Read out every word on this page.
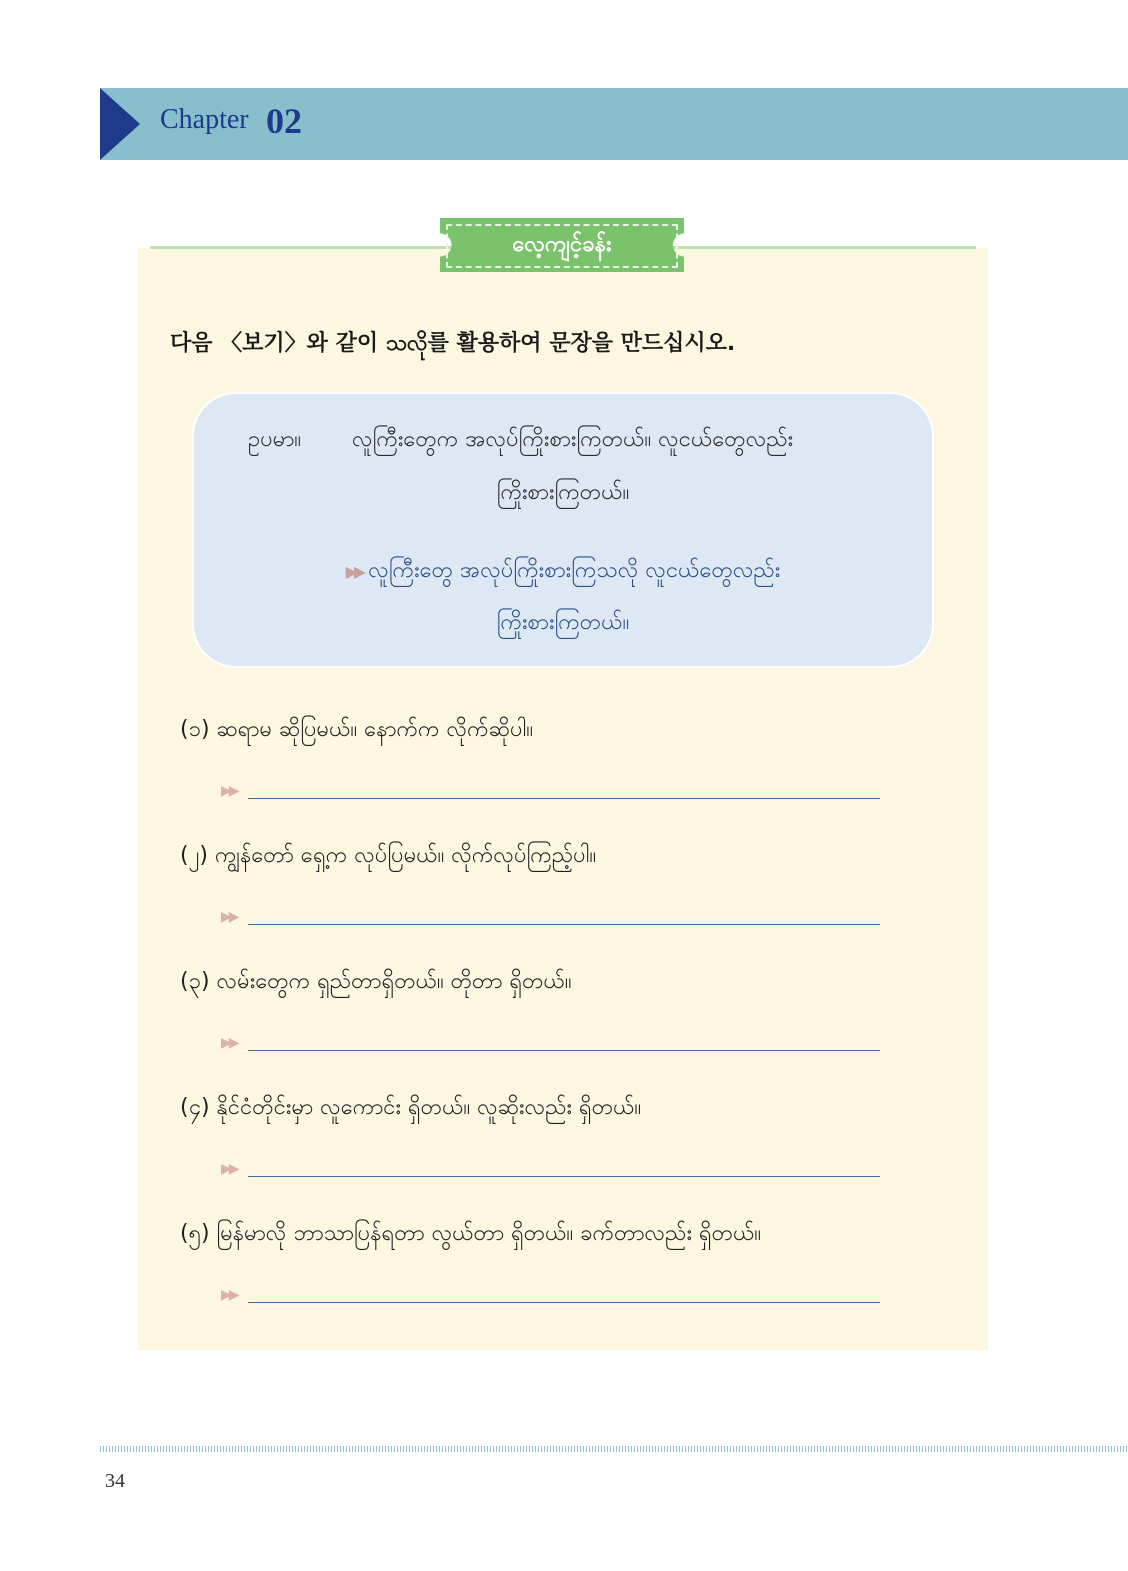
Chapter 02
လေ့ကျင့်ခန်း
다음 〈보기〉와 같이 သလို를 활용하여 문장을 만드십시오.
ဥပမာ။ လူကြီးတွေက အလုပ်ကြိုးစားကြတယ်။ လူငယ်တွေလည်း
ကြိုးစားကြတယ်။
▶▶ လူကြီးတွေ အလုပ်ကြိုးစားကြသလို လူငယ်တွေလည်း
ကြိုးစားကြတယ်။
(၁) ဆရာမ ဆိုပြမယ်။ နောက်က လိုက်ဆိုပါ။
▶▶
(၂) ကျွန်တော် ရှေ့က လုပ်ပြမယ်။ လိုက်လုပ်ကြည့်ပါ။
▶▶
(၃) လမ်းတွေက ရှည်တာရှိတယ်။ တိုတာ ရှိတယ်။
▶▶
(၄) နိုင်ငံတိုင်းမှာ လူကောင်း ရှိတယ်။ လူဆိုးလည်း ရှိတယ်။
▶▶
(၅) မြန်မာလို ဘာသာပြန်ရတာ လွယ်တာ ရှိတယ်။ ခက်တာလည်း ရှိတယ်။
▶▶
34
